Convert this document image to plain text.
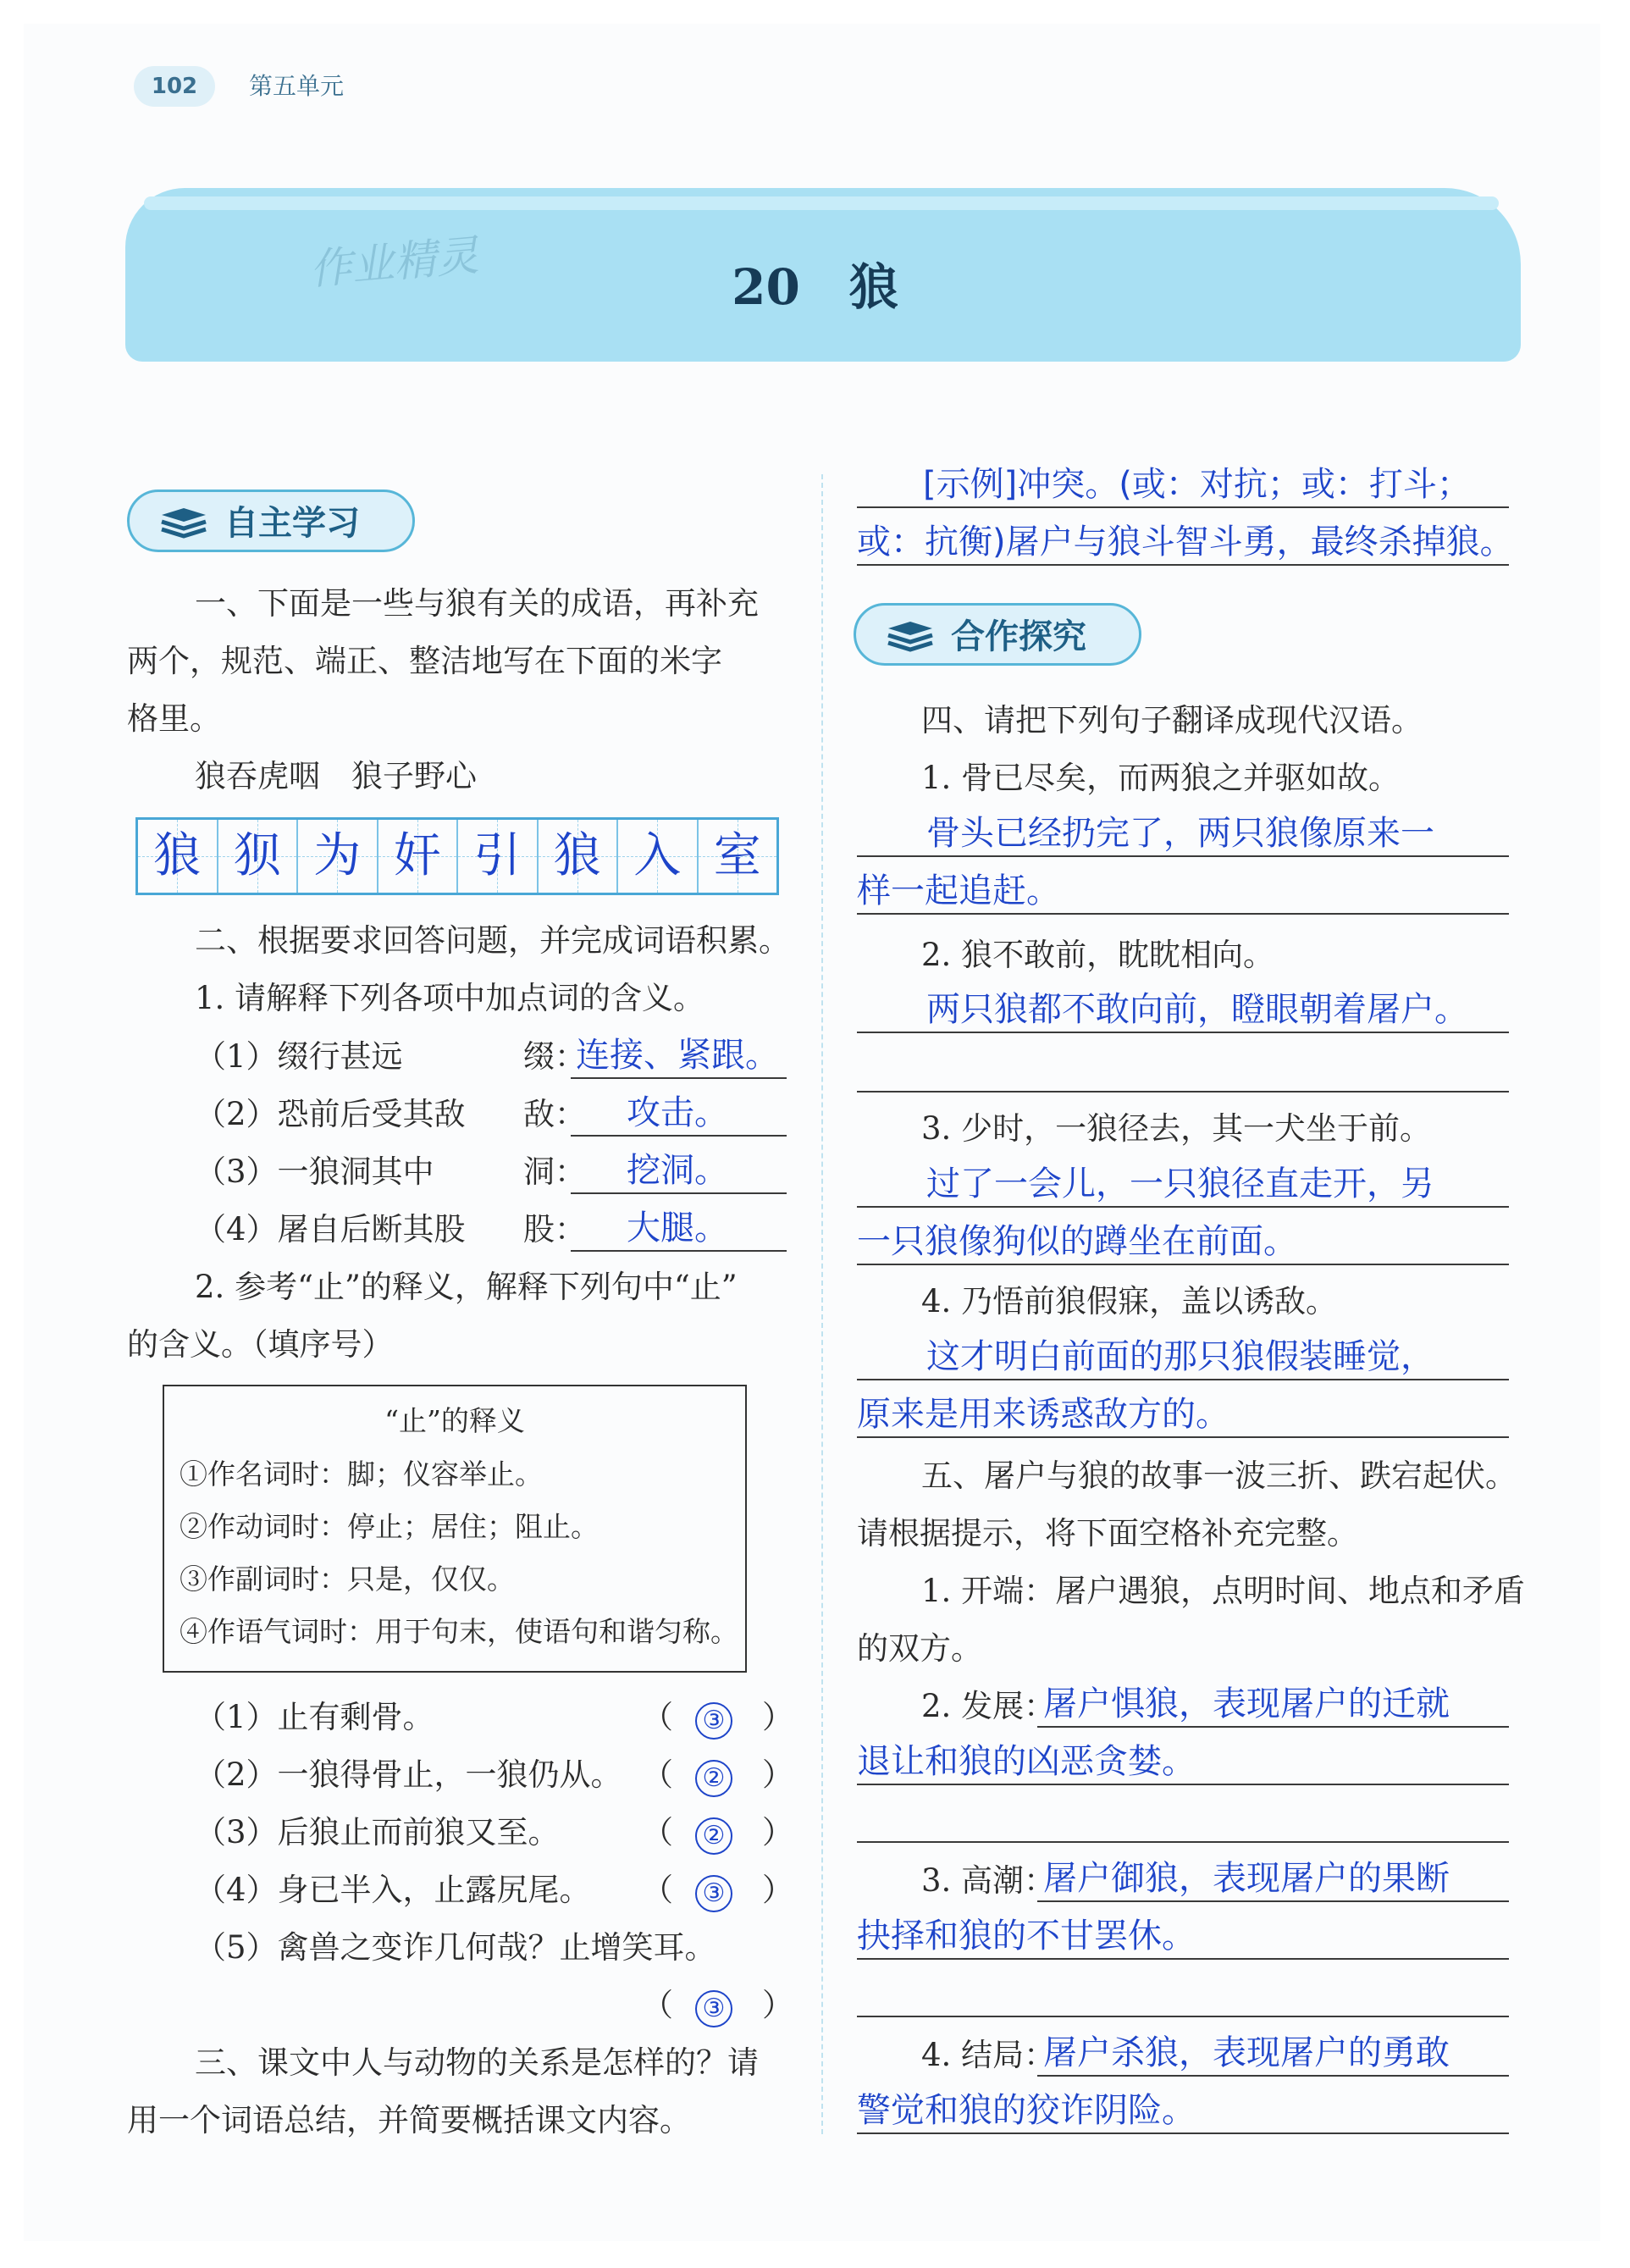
102	第五单元
作业精灵	20　狼
自主学习
一、下面是一些与狼有关的成语，再补充
两个，规范、端正、整洁地写在下面的米字
格里。
狼吞虎咽　狼子野心
狼 狈 为 奸 引 狼 入 室
二、根据要求回答问题，并完成词语积累。
1. 请解释下列各项中加点词的含义。
（1）缀行甚远	缀：
连接、紧跟。
（2）恐前后受其敌 敌： 攻击。
（3）一狼洞其中	洞： 挖洞。
（4）屠自后断其股 股： 大腿。
2. 参考“止”的释义，解释下列句中“止”
的含义。（填序号）
“止”的释义
①作名词时：脚；仪容举止。
②作动词时：停止；居住；阻止。
③作副词时：只是，仅仅。
④作语气词时：用于句末，使语句和谐匀称。
（1）止有剩骨。	（ ③ ）
（2）一狼得骨止，一狼仍从。 （ ② ）
（3）后狼止而前狼又至。	（ ② ）
（4）身已半入，止露尻尾。 （ ③ ）
（5）禽兽之变诈几何哉？止增笑耳。
（ ③ ）
三、课文中人与动物的关系是怎样的？请
用一个词语总结，并简要概括课文内容。
[示例]冲突。(或：对抗；或：打斗；
或：抗衡)屠户与狼斗智斗勇，最终杀掉狼。
合作探究
四、请把下列句子翻译成现代汉语。
1. 骨已尽矣，而两狼之并驱如故。
骨头已经扔完了，两只狼像原来一
样一起追赶。
2. 狼不敢前，眈眈相向。
两只狼都不敢向前，瞪眼朝着屠户。
3. 少时，一狼径去，其一犬坐于前。
过了一会儿，一只狼径直走开，另
一只狼像狗似的蹲坐在前面。
4. 乃悟前狼假寐，盖以诱敌。
这才明白前面的那只狼假装睡觉，
原来是用来诱惑敌方的。
五、屠户与狼的故事一波三折、跌宕起伏。
请根据提示，将下面空格补充完整。
1. 开端：屠户遇狼，点明时间、地点和矛盾
的双方。
2. 发展：
屠户惧狼，表现屠户的迁就
退让和狼的凶恶贪婪。
3. 高潮：
屠户御狼，表现屠户的果断
抉择和狼的不甘罢休。
4. 结局：
屠户杀狼，表现屠户的勇敢
警觉和狼的狡诈阴险。
